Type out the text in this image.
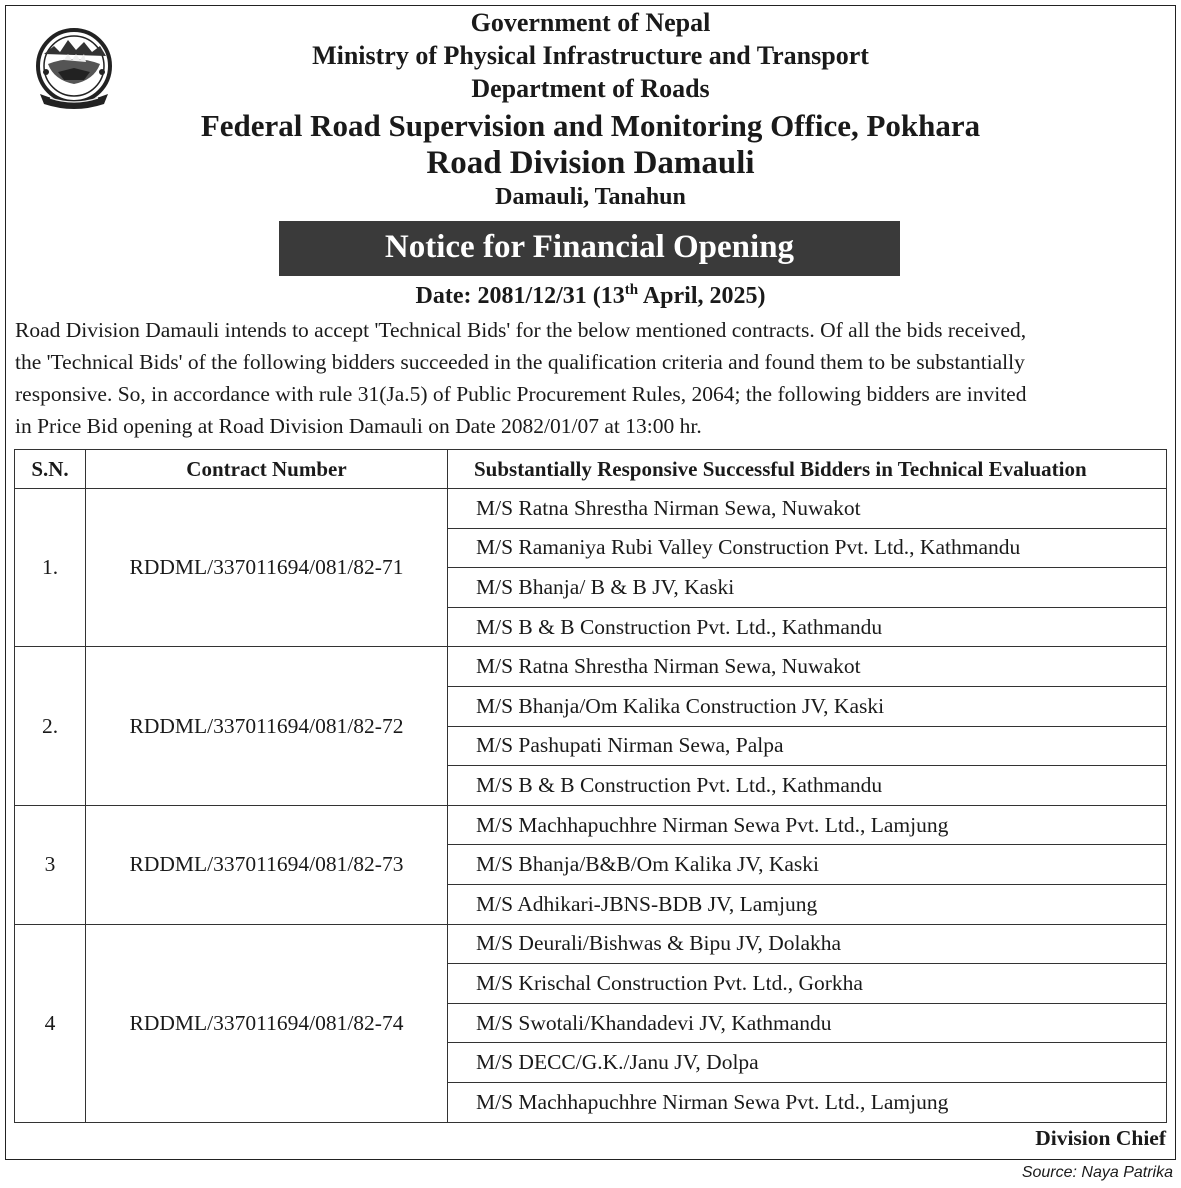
Government of Nepal
Ministry of Physical Infrastructure and Transport
Department of Roads
Federal Road Supervision and Monitoring Office, Pokhara
Road Division Damauli
Damauli, Tanahun
Notice for Financial Opening
Date: 2081/12/31 (13th April, 2025)
Road Division Damauli intends to accept 'Technical Bids' for the below mentioned contracts. Of all the bids received,
the 'Technical Bids' of the following bidders succeeded in the qualification criteria and found them to be substantially
responsive. So, in accordance with rule 31(Ja.5) of Public Procurement Rules, 2064; the following bidders are invited
in Price Bid opening at Road Division Damauli on Date 2082/01/07 at 13:00 hr.
S.N.	Contract Number	Substantially Responsive Successful Bidders in Technical Evaluation
1.	RDDML/337011694/081/82-71	M/S Ratna Shrestha Nirman Sewa, Nuwakot
		M/S Ramaniya Rubi Valley Construction Pvt. Ltd., Kathmandu
		M/S Bhanja/ B & B JV, Kaski
		M/S B & B Construction Pvt. Ltd., Kathmandu
2.	RDDML/337011694/081/82-72	M/S Ratna Shrestha Nirman Sewa, Nuwakot
		M/S Bhanja/Om Kalika Construction JV, Kaski
		M/S Pashupati Nirman Sewa, Palpa
		M/S B & B Construction Pvt. Ltd., Kathmandu
3	RDDML/337011694/081/82-73	M/S Machhapuchhre Nirman Sewa Pvt. Ltd., Lamjung
		M/S Bhanja/B&B/Om Kalika JV, Kaski
		M/S Adhikari-JBNS-BDB JV, Lamjung
4	RDDML/337011694/081/82-74	M/S Deurali/Bishwas & Bipu JV, Dolakha
		M/S Krischal Construction Pvt. Ltd., Gorkha
		M/S Swotali/Khandadevi JV, Kathmandu
		M/S DECC/G.K./Janu JV, Dolpa
		M/S Machhapuchhre Nirman Sewa Pvt. Ltd., Lamjung
Division Chief
Source: Naya Patrika
